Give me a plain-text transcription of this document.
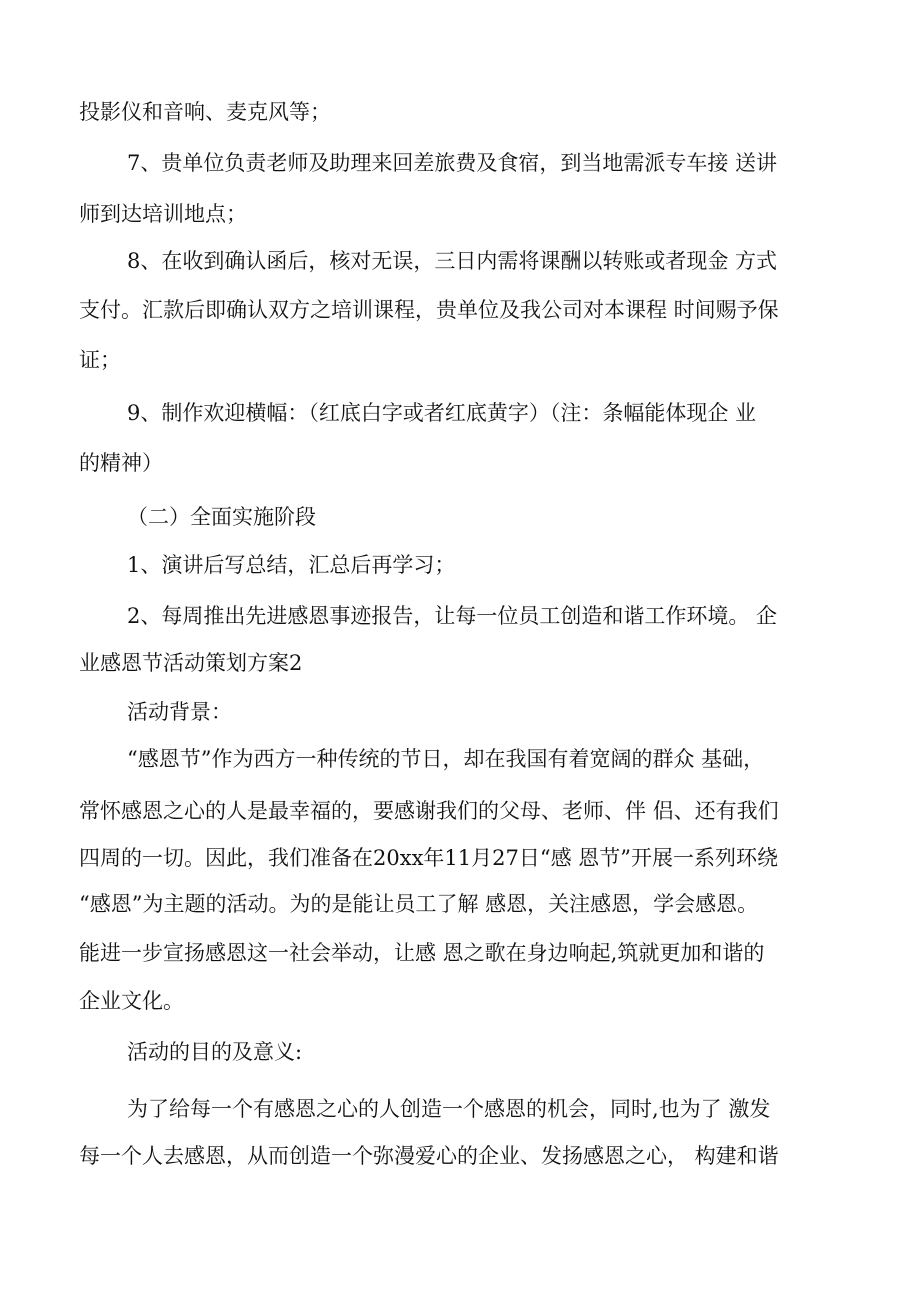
投影仪和音响、麦克风等；
7、贵单位负责老师及助理来回差旅费及食宿，到当地需派专车接 送讲
师到达培训地点；
8、在收到确认函后，核对无误，三日内需将课酬以转账或者现金 方式
支付。汇款后即确认双方之培训课程，贵单位及我公司对本课程 时间赐予保
证；
9、制作欢迎横幅：（红底白字或者红底黄字）（注：条幅能体现企 业
的精神）
（二）全面实施阶段
1、演讲后写总结，汇总后再学习；
2、每周推出先进感恩事迹报告，让每一位员工创造和谐工作环境。 企
业感恩节活动策划方案2
活动背景：
“感恩节”作为西方一种传统的节日，却在我国有着宽阔的群众 基础，
常怀感恩之心的人是最幸福的，要感谢我们的父母、老师、伴 侣、还有我们
四周的一切。因此，我们准备在20xx年11月27日“感 恩节”开展一系列环绕
“感恩”为主题的活动。为的是能让员工了解 感恩，关注感恩，学会感恩。
能进一步宣扬感恩这一社会举动，让感 恩之歌在身边响起,筑就更加和谐的
企业文化。
活动的目的及意义:
为了给每一个有感恩之心的人创造一个感恩的机会，同时,也为了 激发
每一个人去感恩，从而创造一个弥漫爱心的企业、发扬感恩之心， 构建和谐
